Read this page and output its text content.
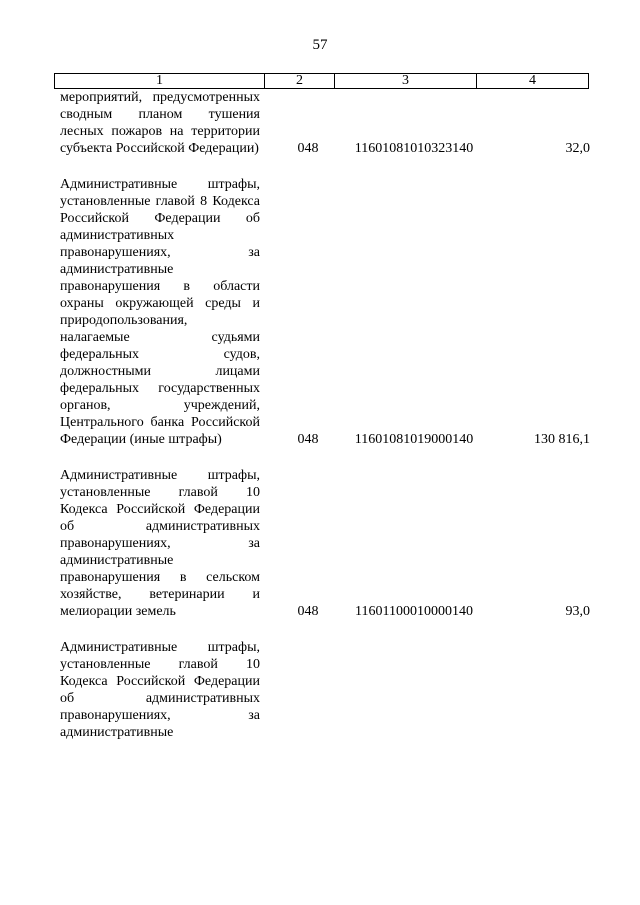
57
1	2	3	4
мероприятий, предусмотренных сводным планом тушения лесных пожаров на территории субъекта Российской Федерации)	048	11601081010323140	32,0
Административные штрафы, установленные главой 8 Кодекса Российской Федерации об административных правонарушениях, за административные правонарушения в области охраны окружающей среды и природопользования, налагаемые судьями федеральных судов, должностными лицами федеральных государственных органов, учреждений, Центрального банка Российской Федерации (иные штрафы)	048	11601081019000140	130 816,1
Административные штрафы, установленные главой 10 Кодекса Российской Федерации об административных правонарушениях, за административные правонарушения в сельском хозяйстве, ветеринарии и мелиорации земель	048	11601100010000140	93,0
Административные штрафы, установленные главой 10 Кодекса Российской Федерации об административных правонарушениях, за административные
